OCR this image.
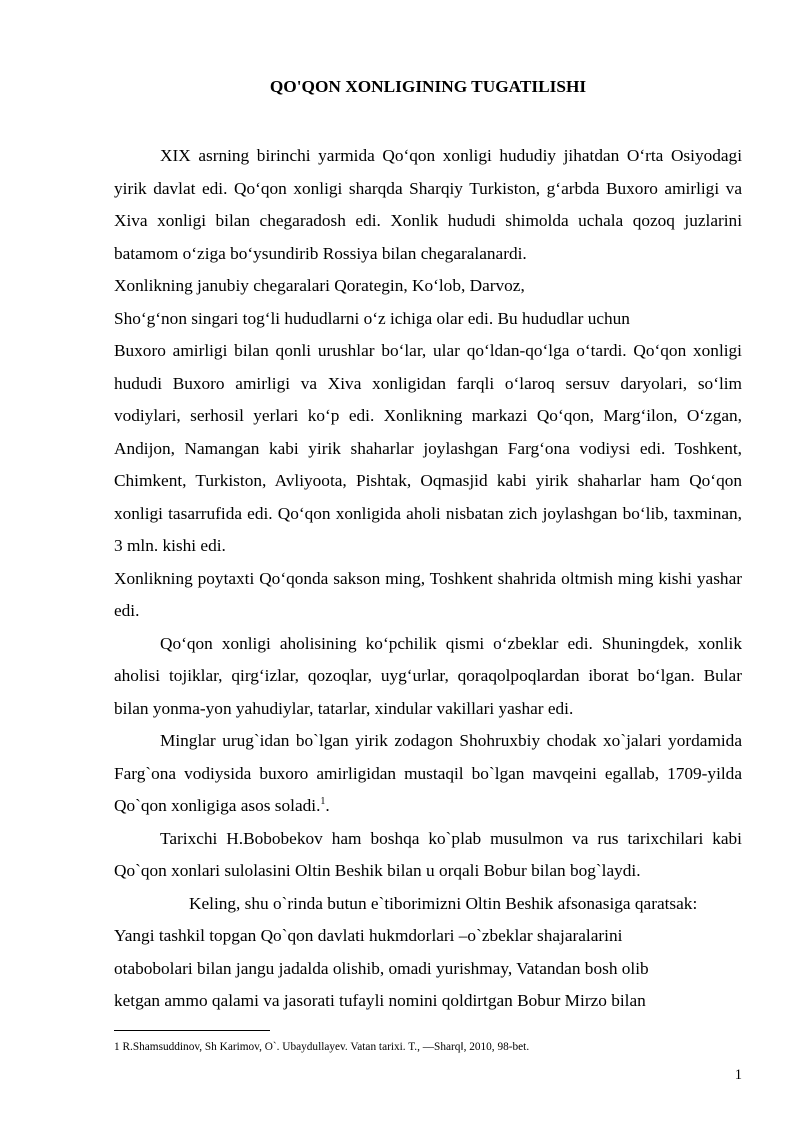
QO'QON XONLIGINING TUGATILISHI

XIX asrning birinchi yarmida Qo‘qon xonligi hududiy jihatdan O‘rta Osiyodagi yirik davlat edi. Qo‘qon xonligi sharqda Sharqiy Turkiston, g‘arbda Buxoro amirligi va Xiva xonligi bilan chegaradosh edi. Xonlik hududi shimolda uchala qozoq juzlarini batamom o‘ziga bo‘ysundirib Rossiya bilan chegaralanardi.

Xonlikning janubiy chegaralari Qorategin, Ko‘lob, Darvoz,

Sho‘g‘non singari tog‘li hududlarni o‘z ichiga olar edi. Bu hududlar uchun

Buxoro amirligi bilan qonli urushlar bo‘lar, ular qo‘ldan-qo‘lga o‘tardi. Qo‘qon xonligi hududi Buxoro amirligi va Xiva xonligidan farqli o‘laroq sersuv daryolari, so‘lim vodiylari, serhosil yerlari ko‘p edi. Xonlikning markazi Qo‘qon, Marg‘ilon, O‘zgan, Andijon, Namangan kabi yirik shaharlar joylashgan Farg‘ona vodiysi edi. Toshkent, Chimkent, Turkiston, Avliyoota, Pishtak, Oqmasjid kabi yirik shaharlar ham Qo‘qon xonligi tasarrufida edi. Qo‘qon xonligida aholi nisbatan zich joylashgan bo‘lib, taxminan, 3 mln. kishi edi.

Xonlikning poytaxti Qo‘qonda sakson ming, Toshkent shahrida oltmish ming kishi yashar edi.

Qo‘qon xonligi aholisining ko‘pchilik qismi o‘zbeklar edi. Shuningdek, xonlik aholisi tojiklar, qirg‘izlar, qozoqlar, uyg‘urlar, qoraqolpoqlardan iborat bo‘lgan. Bular bilan yonma-yon yahudiylar, tatarlar, xindular vakillari yashar edi.

Minglar urug`idan bo`lgan yirik zodagon Shohruxbiy chodak xo`jalari yordamida Farg`ona vodiysida buxoro amirligidan mustaqil bo`lgan mavqeini egallab, 1709-yilda Qo`qon xonligiga asos soladi.$^1$.

Tarixchi H.Bobobekov ham boshqa ko`plab musulmon va rus tarixchilari kabi Qo`qon xonlari sulolasini Oltin Beshik bilan u orqali Bobur bilan bog`laydi.

Keling, shu o`rinda butun e`tiborimizni Oltin Beshik afsonasiga qaratsak:

Yangi tashkil topgan Qo`qon davlati hukmdorlari –o`zbeklar shajaralarini

otabobolari bilan jangu jadalda olishib, omadi yurishmay, Vatandan bosh olib

ketgan ammo qalami va jasorati tufayli nomini qoldirtgan Bobur Mirzo bilan

1 R.Shamsuddinov, Sh Karimov, O`. Ubaydullayev. Vatan tarixi. T., ―Sharq‖, 2010, 98-bet.
1
